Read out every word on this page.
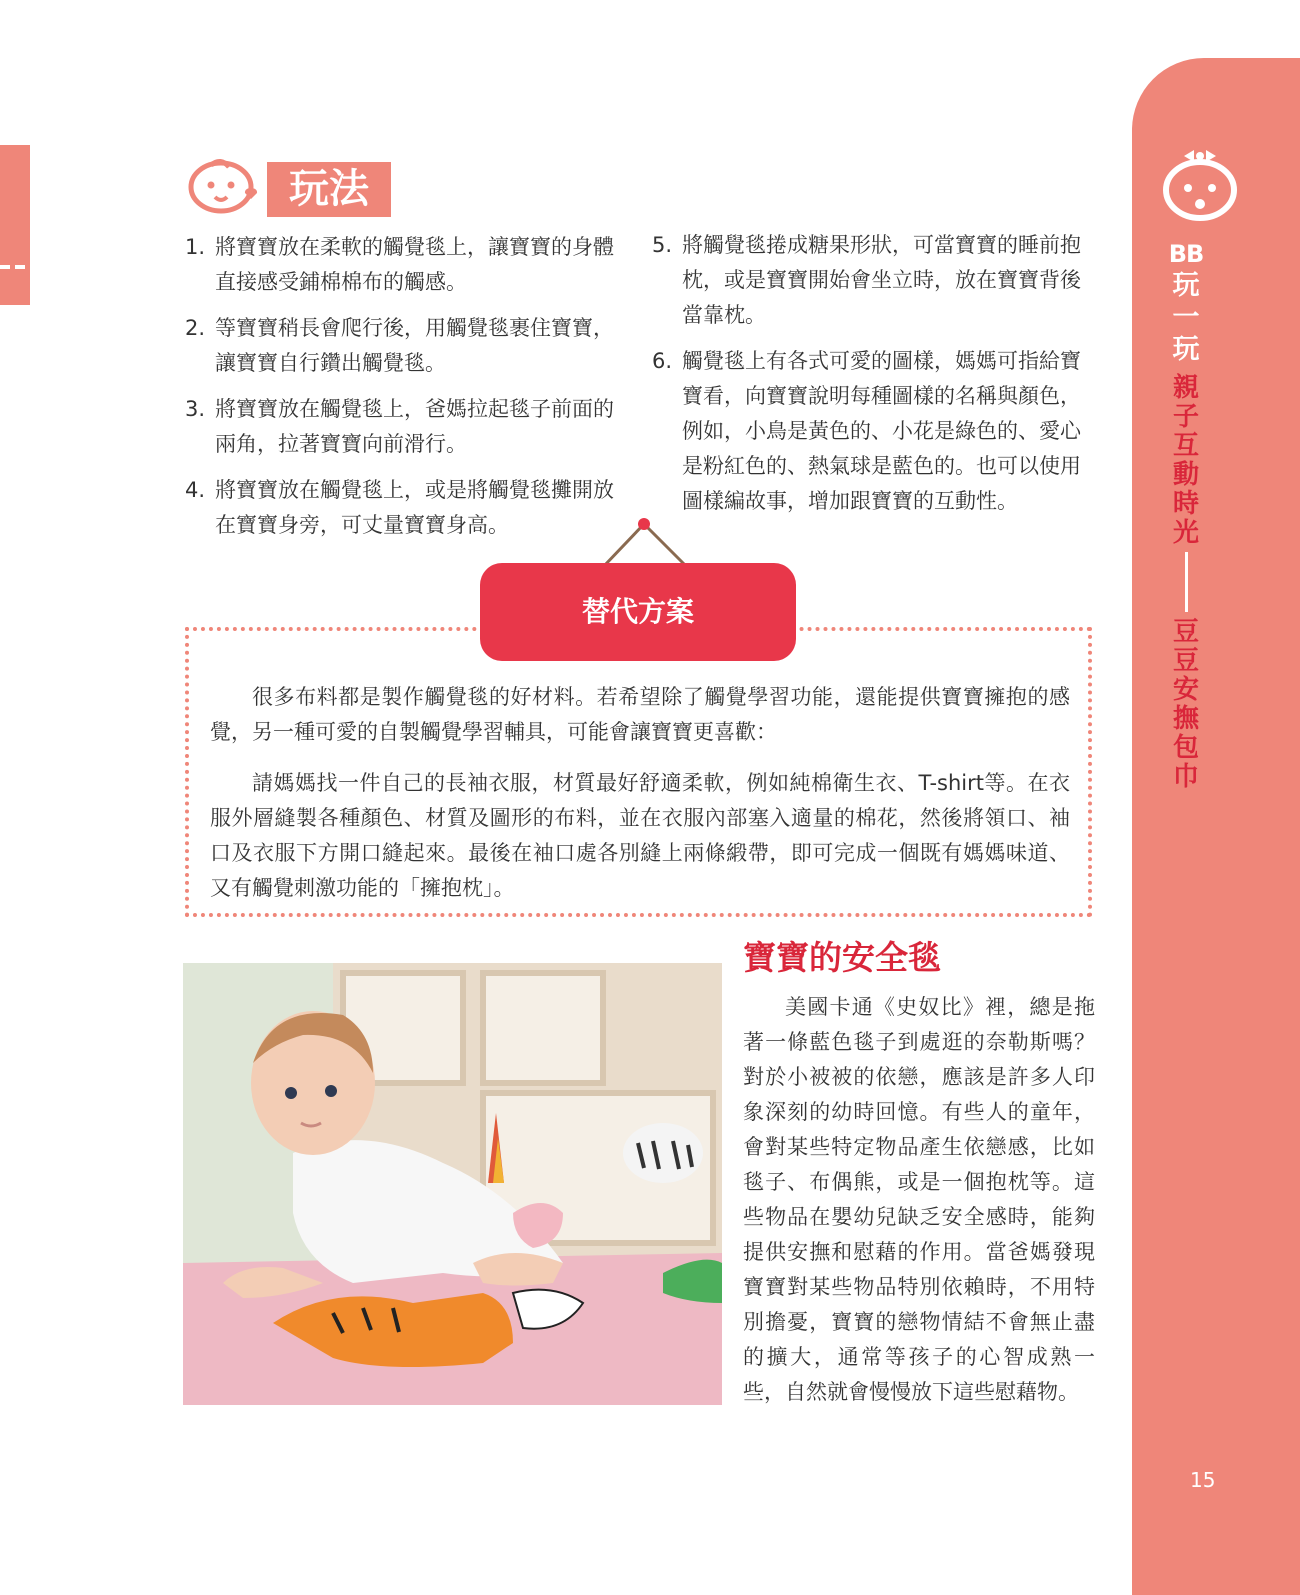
BB
玩
一
玩
親子互動時光
豆豆安撫包巾
15
玩法
1. 將寶寶放在柔軟的觸覺毯上，讓寶寶的身體直接感受鋪棉棉布的觸感。
2. 等寶寶稍長會爬行後，用觸覺毯裹住寶寶，讓寶寶自行鑽出觸覺毯。
3. 將寶寶放在觸覺毯上，爸媽拉起毯子前面的兩角，拉著寶寶向前滑行。
4. 將寶寶放在觸覺毯上，或是將觸覺毯攤開放在寶寶身旁，可丈量寶寶身高。
5. 將觸覺毯捲成糖果形狀，可當寶寶的睡前抱枕，或是寶寶開始會坐立時，放在寶寶背後當靠枕。
6. 觸覺毯上有各式可愛的圖樣，媽媽可指給寶寶看，向寶寶說明每種圖樣的名稱與顏色，例如，小鳥是黃色的、小花是綠色的、愛心是粉紅色的、熱氣球是藍色的。也可以使用圖樣編故事，增加跟寶寶的互動性。
替代方案

很多布料都是製作觸覺毯的好材料。若希望除了觸覺學習功能，還能提供寶寶擁抱的感覺，另一種可愛的自製觸覺學習輔具，可能會讓寶寶更喜歡：

請媽媽找一件自己的長袖衣服，材質最好舒適柔軟，例如純棉衛生衣、T-shirt等。在衣服外層縫製各種顏色、材質及圖形的布料，並在衣服內部塞入適量的棉花，然後將領口、袖口及衣服下方開口縫起來。最後在袖口處各別縫上兩條緞帶，即可完成一個既有媽媽味道、又有觸覺刺激功能的「擁抱枕」。

寶寶的安全毯

美國卡通《史奴比》裡，總是拖著一條藍色毯子到處逛的奈勒斯嗎？對於小被被的依戀，應該是許多人印象深刻的幼時回憶。有些人的童年，會對某些特定物品產生依戀感，比如毯子、布偶熊，或是一個抱枕等。這些物品在嬰幼兒缺乏安全感時，能夠提供安撫和慰藉的作用。當爸媽發現寶寶對某些物品特別依賴時，不用特別擔憂，寶寶的戀物情結不會無止盡的擴大，通常等孩子的心智成熟一些，自然就會慢慢放下這些慰藉物。
